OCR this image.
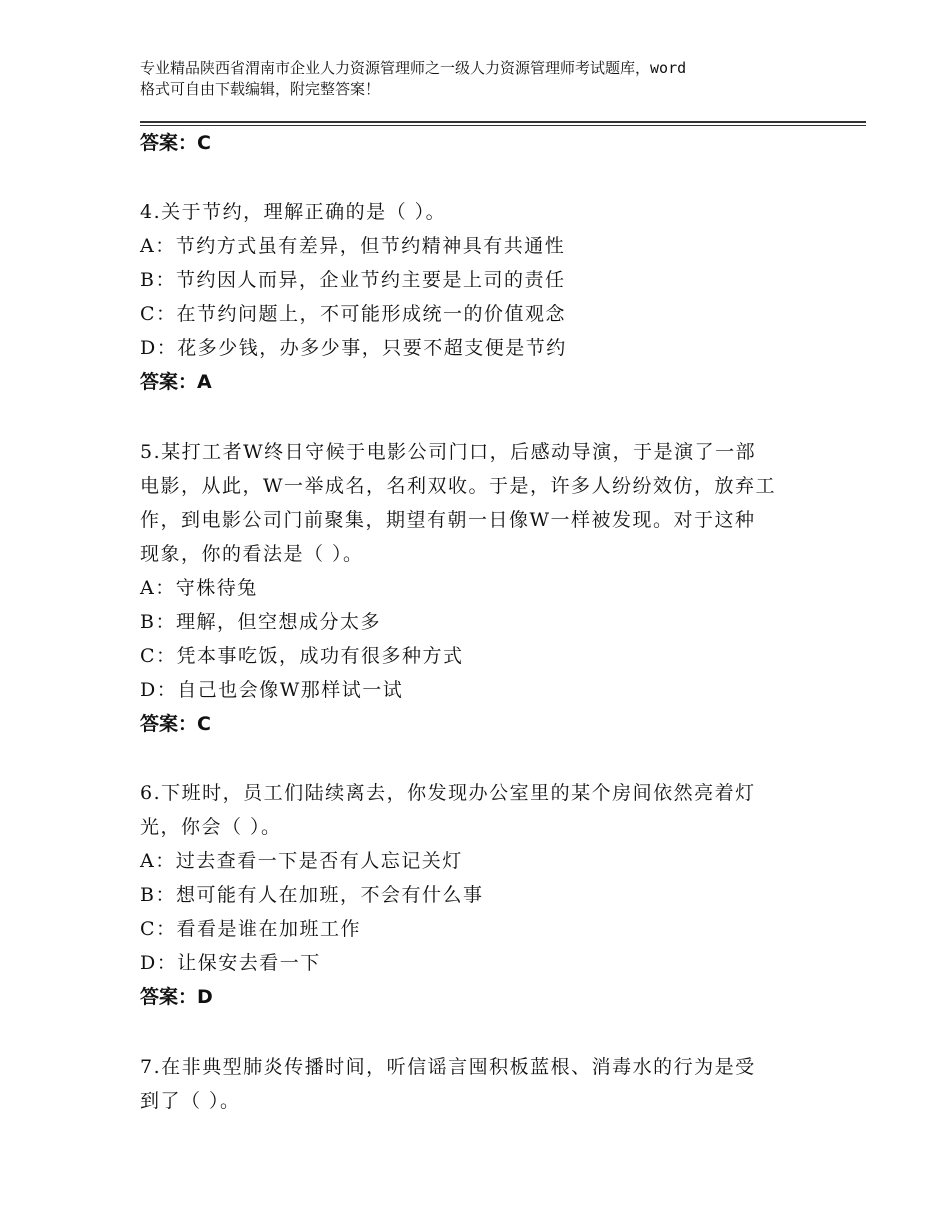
专业精品陕西省渭南市企业人力资源管理师之一级人力资源管理师考试题库，word
格式可自由下载编辑，附完整答案！
答案：C
4.关于节约，理解正确的是（ ）。
A：节约方式虽有差异，但节约精神具有共通性
B：节约因人而异，企业节约主要是上司的责任
C：在节约问题上，不可能形成统一的价值观念
D：花多少钱，办多少事，只要不超支便是节约
答案：A
5.某打工者W终日守候于电影公司门口，后感动导演，于是演了一部
电影，从此，W一举成名，名利双收。于是，许多人纷纷效仿，放弃工
作，到电影公司门前聚集，期望有朝一日像W一样被发现。对于这种
现象，你的看法是（ ）。
A：守株待兔
B：理解，但空想成分太多
C：凭本事吃饭，成功有很多种方式
D：自己也会像W那样试一试
答案：C
6.下班时，员工们陆续离去，你发现办公室里的某个房间依然亮着灯
光，你会（ ）。
A：过去查看一下是否有人忘记关灯
B：想可能有人在加班，不会有什么事
C：看看是谁在加班工作
D：让保安去看一下
答案：D
7.在非典型肺炎传播时间，听信谣言囤积板蓝根、消毒水的行为是受
到了（ ）。
